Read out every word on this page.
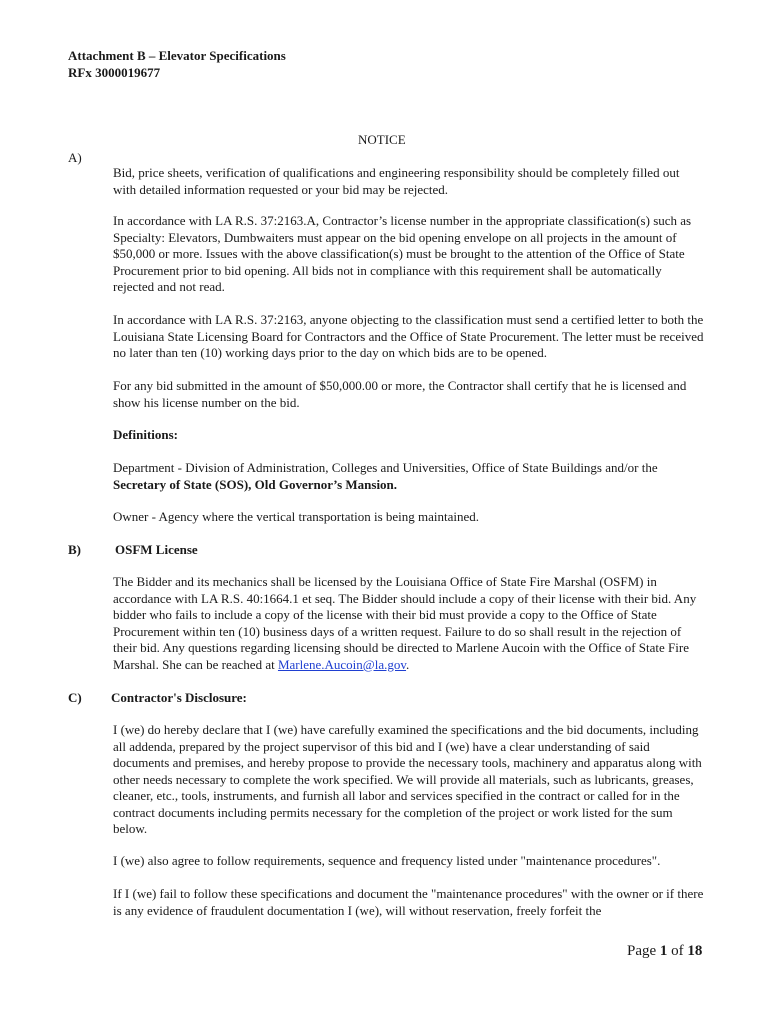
Attachment B – Elevator Specifications
RFx 3000019677
NOTICE
A)

Bid, price sheets, verification of qualifications and engineering responsibility should be completely filled out with detailed information requested or your bid may be rejected.

In accordance with LA R.S. 37:2163.A, Contractor’s license number in the appropriate classification(s) such as Specialty: Elevators, Dumbwaiters must appear on the bid opening envelope on all projects in the amount of $50,000 or more. Issues with the above classification(s) must be brought to the attention of the Office of State Procurement prior to bid opening. All bids not in compliance with this requirement shall be automatically rejected and not read.

In accordance with LA R.S. 37:2163, anyone objecting to the classification must send a certified letter to both the Louisiana State Licensing Board for Contractors and the Office of State Procurement. The letter must be received no later than ten (10) working days prior to the day on which bids are to be opened.

For any bid submitted in the amount of $50,000.00 or more, the Contractor shall certify that he is licensed and show his license number on the bid.

Definitions:

Department - Division of Administration, Colleges and Universities, Office of State Buildings and/or the Secretary of State (SOS), Old Governor’s Mansion.

Owner - Agency where the vertical transportation is being maintained.

B)	OSFM License

The Bidder and its mechanics shall be licensed by the Louisiana Office of State Fire Marshal (OSFM) in accordance with LA R.S. 40:1664.1 et seq. The Bidder should include a copy of their license with their bid. Any bidder who fails to include a copy of the license with their bid must provide a copy to the Office of State Procurement within ten (10) business days of a written request. Failure to do so shall result in the rejection of their bid. Any questions regarding licensing should be directed to Marlene Aucoin with the Office of State Fire Marshal. She can be reached at Marlene.Aucoin@la.gov.

C) Contractor's Disclosure:

I (we) do hereby declare that I (we) have carefully examined the specifications and the bid documents, including all addenda, prepared by the project supervisor of this bid and I (we) have a clear understanding of said documents and premises, and hereby propose to provide the necessary tools, machinery and apparatus along with other needs necessary to complete the work specified. We will provide all materials, such as lubricants, greases, cleaner, etc., tools, instruments, and furnish all labor and services specified in the contract or called for in the contract documents including permits necessary for the completion of the project or work listed for the sum below.

I (we) also agree to follow requirements, sequence and frequency listed under "maintenance procedures".

If I (we) fail to follow these specifications and document the "maintenance procedures" with the owner or if there is any evidence of fraudulent documentation I (we), will without reservation, freely forfeit the

Page 1 of 18
